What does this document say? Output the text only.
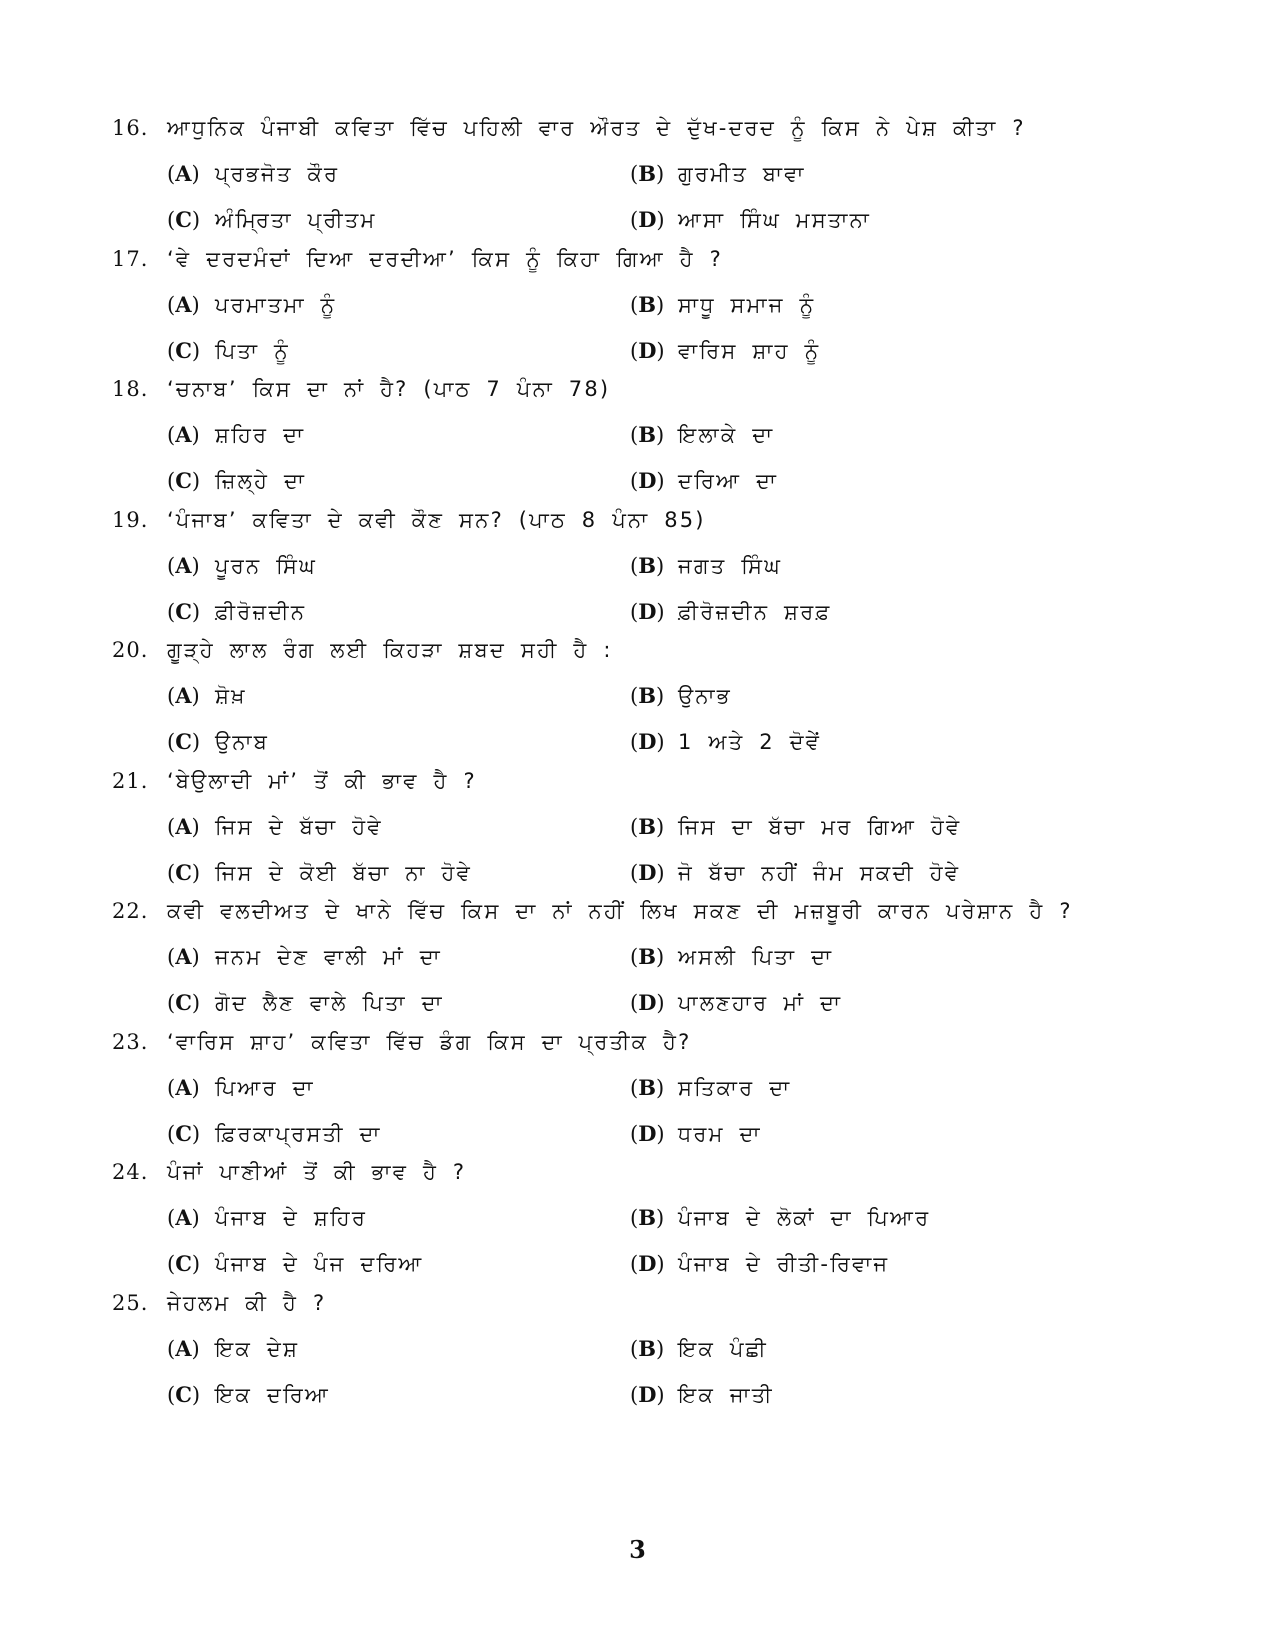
16. ਆਧੁਨਿਕ ਪੰਜਾਬੀ ਕਵਿਤਾ ਵਿੱਚ ਪਹਿਲੀ ਵਾਰ ਔਰਤ ਦੇ ਦੁੱਖ-ਦਰਦ ਨੂੰ ਕਿਸ ਨੇ ਪੇਸ਼ ਕੀਤਾ ?
(A) ਪ੍ਰਭਜੋਤ ਕੌਰ	(B) ਗੁਰਮੀਤ ਬਾਵਾ
(C) ਅੰਮ੍ਰਿਤਾ ਪ੍ਰੀਤਮ	(D) ਆਸਾ ਸਿੰਘ ਮਸਤਾਨਾ
17. ‘ਵੇ ਦਰਦਮੰਦਾਂ ਦਿਆ ਦਰਦੀਆ’ ਕਿਸ ਨੂੰ ਕਿਹਾ ਗਿਆ ਹੈ ?
(A) ਪਰਮਾਤਮਾ ਨੂੰ	(B) ਸਾਧੂ ਸਮਾਜ ਨੂੰ
(C) ਪਿਤਾ ਨੂੰ	(D) ਵਾਰਿਸ ਸ਼ਾਹ ਨੂੰ
18. ‘ਚਨਾਬ’ ਕਿਸ ਦਾ ਨਾਂ ਹੈ? (ਪਾਠ 7 ਪੰਨਾ 78)
(A) ਸ਼ਹਿਰ ਦਾ	(B) ਇਲਾਕੇ ਦਾ
(C) ਜ਼ਿਲ੍ਹੇ ਦਾ	(D) ਦਰਿਆ ਦਾ
19. ‘ਪੰਜਾਬ’ ਕਵਿਤਾ ਦੇ ਕਵੀ ਕੌਣ ਸਨ? (ਪਾਠ 8 ਪੰਨਾ 85)
(A) ਪੂਰਨ ਸਿੰਘ	(B) ਜਗਤ ਸਿੰਘ
(C) ਫ਼ੀਰੋਜ਼ਦੀਨ	(D) ਫ਼ੀਰੋਜ਼ਦੀਨ ਸ਼ਰਫ਼
20. ਗੂੜ੍ਹੇ ਲਾਲ ਰੰਗ ਲਈ ਕਿਹੜਾ ਸ਼ਬਦ ਸਹੀ ਹੈ :
(A) ਸ਼ੋਖ਼	(B) ਉਨਾਭ
(C) ਉਨਾਬ	(D) 1 ਅਤੇ 2 ਦੋਵੇਂ
21. ‘ਬੇਉਲਾਦੀ ਮਾਂ’ ਤੋਂ ਕੀ ਭਾਵ ਹੈ ?
(A) ਜਿਸ ਦੇ ਬੱਚਾ ਹੋਵੇ	(B) ਜਿਸ ਦਾ ਬੱਚਾ ਮਰ ਗਿਆ ਹੋਵੇ
(C) ਜਿਸ ਦੇ ਕੋਈ ਬੱਚਾ ਨਾ ਹੋਵੇ	(D) ਜੋ ਬੱਚਾ ਨਹੀਂ ਜੰਮ ਸਕਦੀ ਹੋਵੇ
22. ਕਵੀ ਵਲਦੀਅਤ ਦੇ ਖਾਨੇ ਵਿੱਚ ਕਿਸ ਦਾ ਨਾਂ ਨਹੀਂ ਲਿਖ ਸਕਣ ਦੀ ਮਜ਼ਬੂਰੀ ਕਾਰਨ ਪਰੇਸ਼ਾਨ ਹੈ ?
(A) ਜਨਮ ਦੇਣ ਵਾਲੀ ਮਾਂ ਦਾ	(B) ਅਸਲੀ ਪਿਤਾ ਦਾ
(C) ਗੋਦ ਲੈਣ ਵਾਲੇ ਪਿਤਾ ਦਾ	(D) ਪਾਲਣਹਾਰ ਮਾਂ ਦਾ
23. ‘ਵਾਰਿਸ ਸ਼ਾਹ’ ਕਵਿਤਾ ਵਿੱਚ ਡੰਗ ਕਿਸ ਦਾ ਪ੍ਰਤੀਕ ਹੈ?
(A) ਪਿਆਰ ਦਾ	(B) ਸਤਿਕਾਰ ਦਾ
(C) ਫ਼ਿਰਕਾਪ੍ਰਸਤੀ ਦਾ	(D) ਧਰਮ ਦਾ
24. ਪੰਜਾਂ ਪਾਣੀਆਂ ਤੋਂ ਕੀ ਭਾਵ ਹੈ ?
(A) ਪੰਜਾਬ ਦੇ ਸ਼ਹਿਰ	(B) ਪੰਜਾਬ ਦੇ ਲੋਕਾਂ ਦਾ ਪਿਆਰ
(C) ਪੰਜਾਬ ਦੇ ਪੰਜ ਦਰਿਆ	(D) ਪੰਜਾਬ ਦੇ ਰੀਤੀ-ਰਿਵਾਜ
25. ਜੇਹਲਮ ਕੀ ਹੈ ?
(A) ਇਕ ਦੇਸ਼	(B) ਇਕ ਪੰਛੀ
(C) ਇਕ ਦਰਿਆ	(D) ਇਕ ਜਾਤੀ
3
